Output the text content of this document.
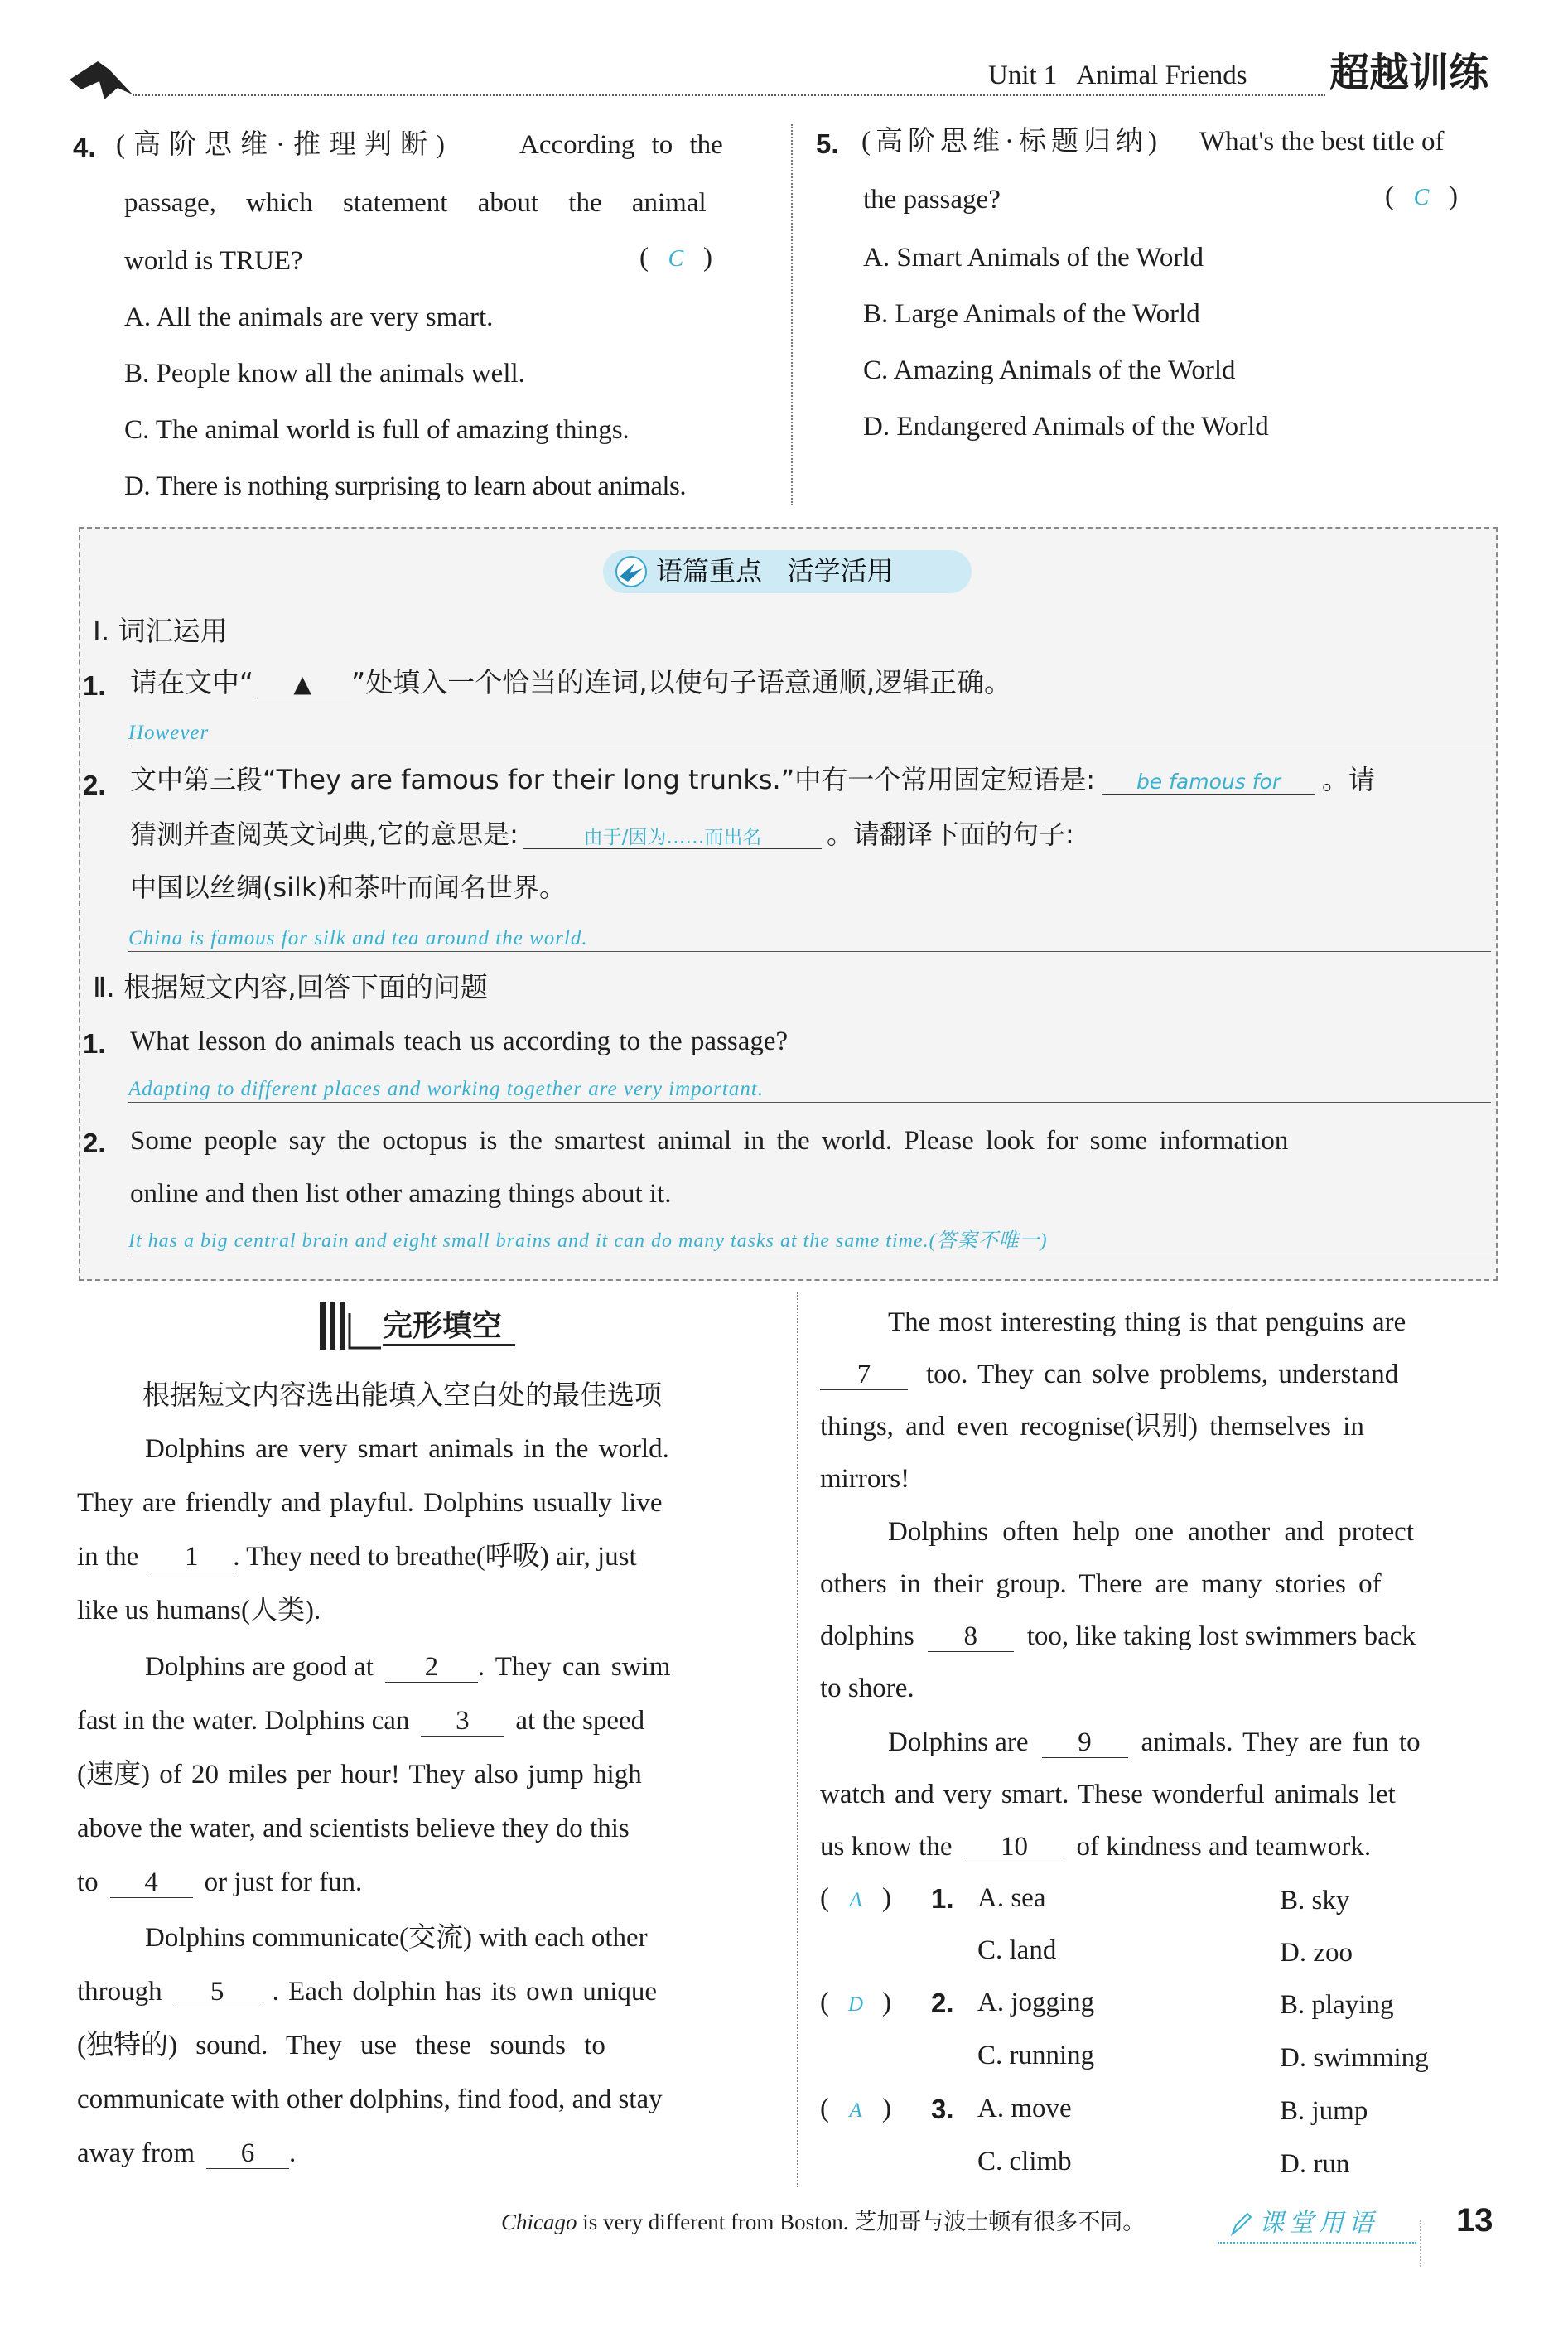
Unit 1   Animal Friends 超越训练
4. (高阶思维·推理判断) According to the
passage, which statement about the animal
world is TRUE?	( C )
A. All the animals are very smart.
B. People know all the animals well.
C. The animal world is full of amazing things.
D. There is nothing surprising to learn about animals.
5. (高阶思维·标题归纳) What's the best title of
the passage?	( C )
A. Smart Animals of the World
B. Large Animals of the World
C. Amazing Animals of the World
D. Endangered Animals of the World
语篇重点   活学活用
Ⅰ. 词汇运用
1. 请在文中“ ▲ ”处填入一个恰当的连词,以使句子语意通顺,逻辑正确。
However
2. 文中第三段“They are famous for their long trunks.”中有一个常用固定短语是: be famous for 。请
猜测并查阅英文词典,它的意思是:	由于/因为……而出名 。请翻译下面的句子:
中国以丝绸(silk)和茶叶而闻名世界。
China is famous for silk and tea around the world.
Ⅱ. 根据短文内容,回答下面的问题
1. What lesson do animals teach us according to the passage?
Adapting to different places and working together are very important.
2. Some people say the octopus is the smartest animal in the world. Please look for some information
online and then list other amazing things about it.
It has a big central brain and eight small brains and it can do many tasks at the same time.(答案不唯一)
Ⅲ
完形填空
根据短文内容选出能填入空白处的最佳选项
Dolphins are very smart animals in the world.
They are friendly and playful. Dolphins usually live
in the 1 . They need to breathe(呼吸) air, just
like us humans(人类).
Dolphins are good at 2 . They can swim
fast in the water. Dolphins can 3 at the speed
(速度) of 20 miles per hour! They also jump high
above the water, and scientists believe they do this
to 4 or just for fun.
Dolphins communicate(交流) with each other
through 5 . Each dolphin has its own unique
(独特的) sound. They use these sounds to
communicate with other dolphins, find food, and stay
away from 6 .
The most interesting thing is that penguins are
7 too. They can solve problems, understand
things, and even recognise(识别) themselves in
mirrors!
Dolphins often help one another and protect
others in their group. There are many stories of
dolphins 8 too, like taking lost swimmers back
to shore.
Dolphins are 9 animals. They are fun to
watch and very smart. These wonderful animals let
us know the 10 of kindness and teamwork.
( A ) 1. A. sea	B. sky
C. land	D. zoo
( D ) 2. A. jogging	B. playing
C. running	D. swimming
( A ) 3. A. move	B. jump
C. climb	D. run
Chicago is very different from Boston. 芝加哥与波士顿有很多不同。	课堂用语 13
